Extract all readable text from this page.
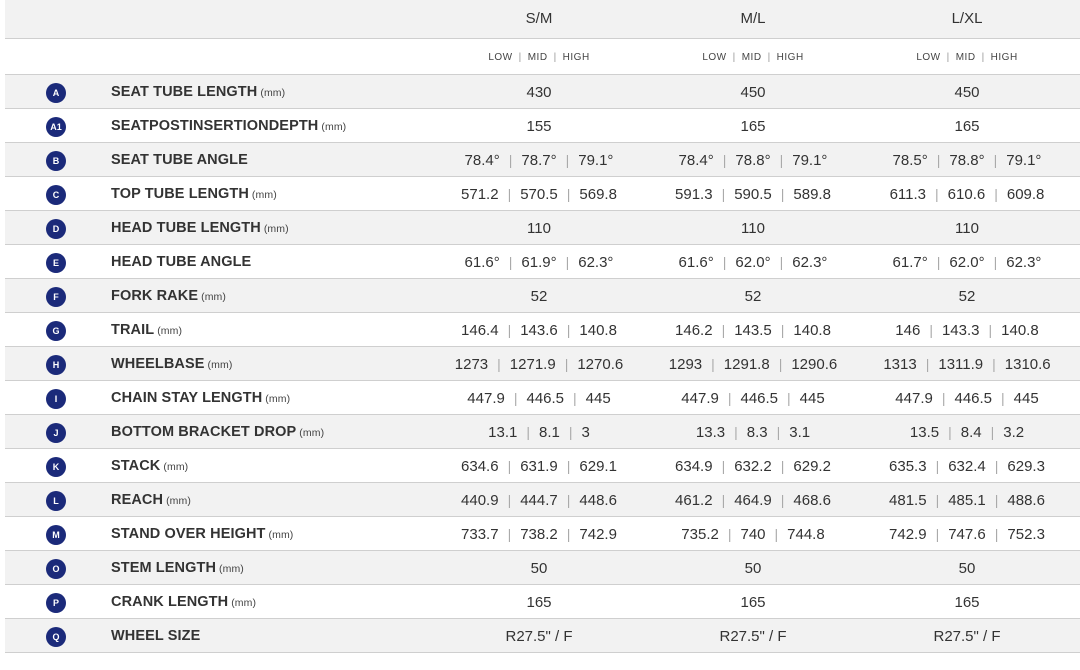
S/M	M/L	L/XL
LOW | MID | HIGH	LOW | MID | HIGH	LOW | MID | HIGH
A	SEAT TUBE LENGTH (mm)	430	450	450
A1	SEATPOSTINSERTIONDEPTH (mm)	155	165	165
B	SEAT TUBE ANGLE	78.4° | 78.7° | 79.1°	78.4° | 78.8° | 79.1°	78.5° | 78.8° | 79.1°
C	TOP TUBE LENGTH (mm)	571.2 | 570.5 | 569.8	591.3 | 590.5 | 589.8	611.3 | 610.6 | 609.8
D	HEAD TUBE LENGTH (mm)	110	110	110
E	HEAD TUBE ANGLE	61.6° | 61.9° | 62.3°	61.6° | 62.0° | 62.3°	61.7° | 62.0° | 62.3°
F	FORK RAKE (mm)	52	52	52
G	TRAIL (mm)	146.4 | 143.6 | 140.8	146.2 | 143.5 | 140.8	146 | 143.3 | 140.8
H	WHEELBASE (mm)	1273 | 1271.9 | 1270.6	1293 | 1291.8 | 1290.6	1313 | 1311.9 | 1310.6
I	CHAIN STAY LENGTH (mm)	447.9 | 446.5 | 445	447.9 | 446.5 | 445	447.9 | 446.5 | 445
J	BOTTOM BRACKET DROP (mm)	13.1 | 8.1 | 3	13.3 | 8.3 | 3.1	13.5 | 8.4 | 3.2
K	STACK (mm)	634.6 | 631.9 | 629.1	634.9 | 632.2 | 629.2	635.3 | 632.4 | 629.3
L	REACH (mm)	440.9 | 444.7 | 448.6	461.2 | 464.9 | 468.6	481.5 | 485.1 | 488.6
M	STAND OVER HEIGHT (mm)	733.7 | 738.2 | 742.9	735.2 | 740 | 744.8	742.9 | 747.6 | 752.3
O	STEM LENGTH (mm)	50	50	50
P	CRANK LENGTH (mm)	165	165	165
Q	WHEEL SIZE	R27.5" / F	R27.5" / F	R27.5" / F
